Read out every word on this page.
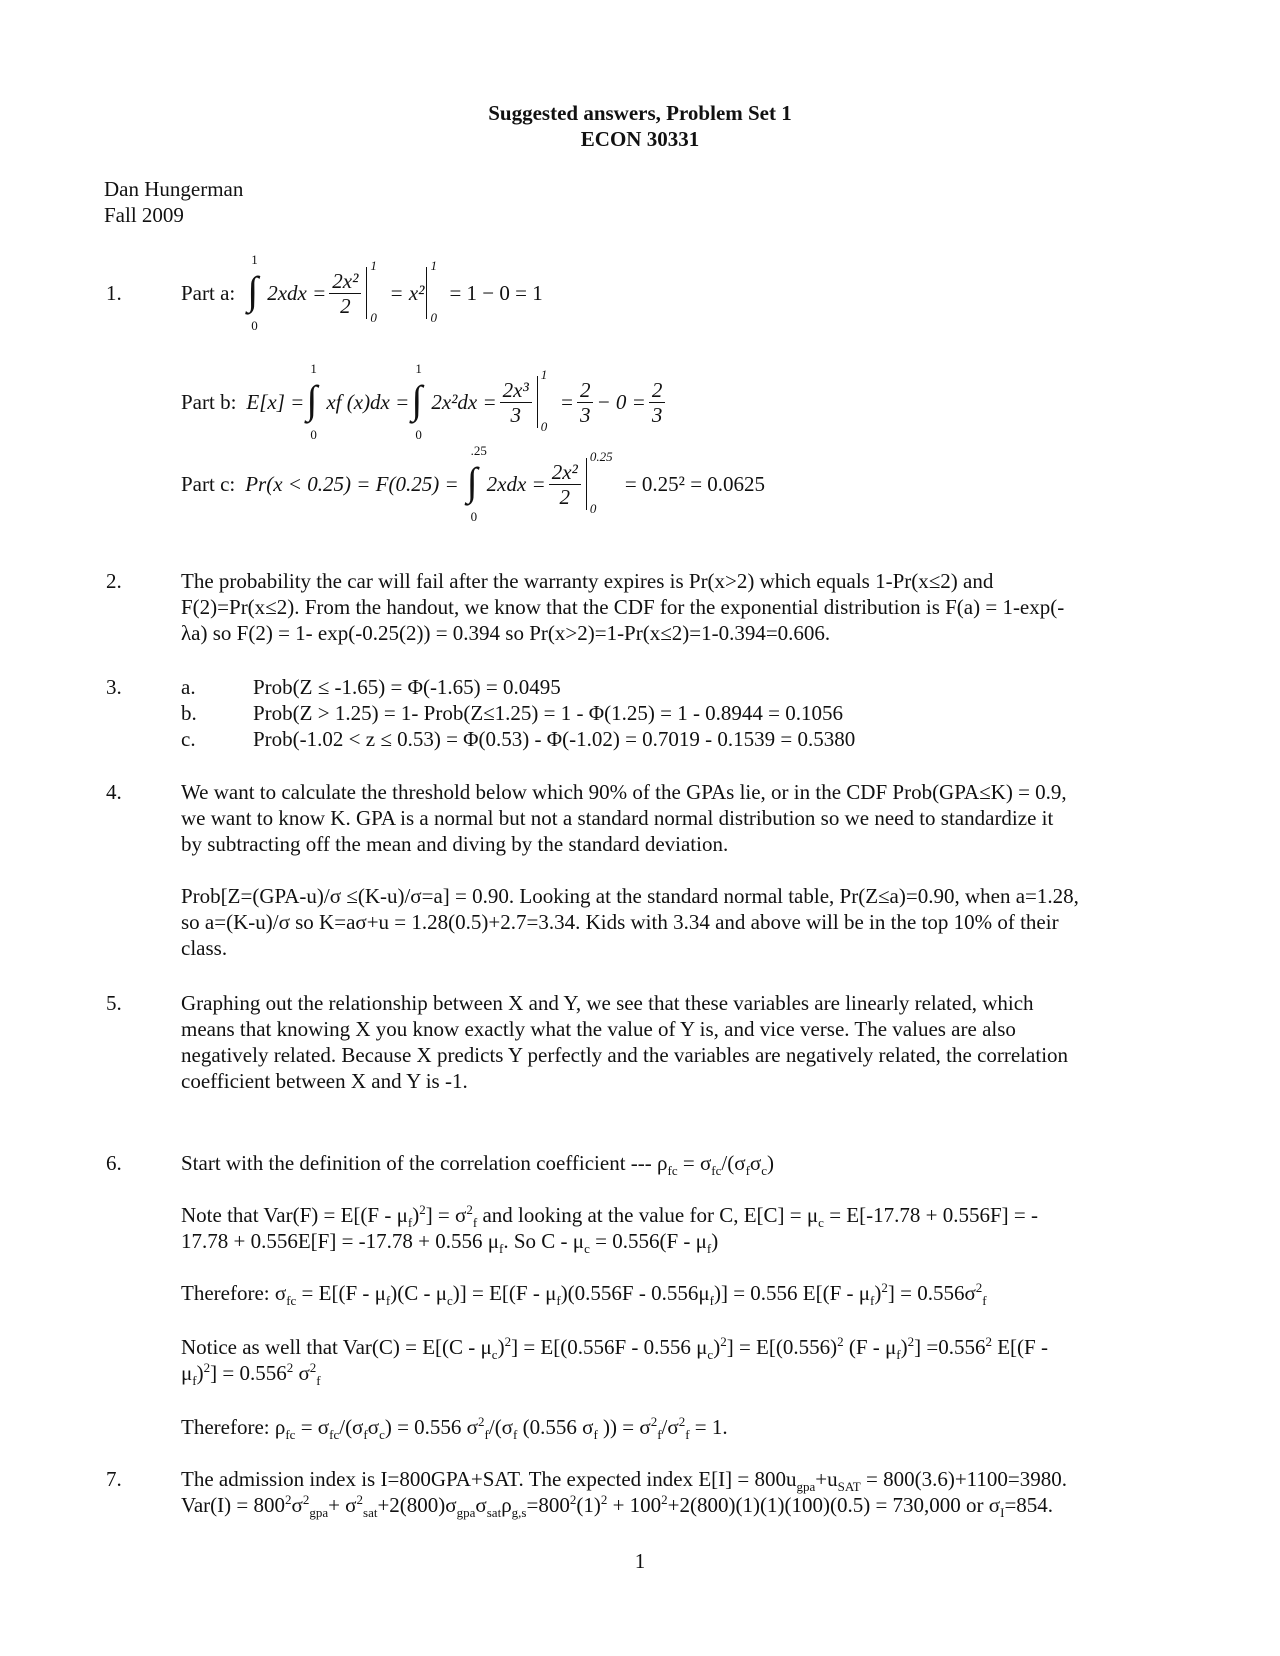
Suggested answers, Problem Set 1
ECON 30331
Dan Hungerman
Fall 2009
1.	Part a: ∫
1
0
$2xdx = \frac{\text{2x²}}{2}$
1
0
= x²
1
0
= 1 − 0 = 1
Part b: E[x] = ∫
1
0
xf (x)dx = ∫
1
0
$2x^2dx = \frac{\text{2x³}}{3}$
1
0
= $\frac{2}{3} - 0 = \frac{2}{3}$
Part c: Pr(x < 0.25) = F(0.25) = ∫
.25
0
$2xdx = \frac{\text{2x²}}{2}$
0.25
0
= 0.25² = 0.0625
2.	The probability the car will fail after the warranty expires is Pr(x>2) which equals 1-Pr(x≤2) and
F(2)=Pr(x≤2). From the handout, we know that the CDF for the exponential distribution is F(a) = 1-exp(-
λa) so F(2) = 1- exp(-0.25(2)) = 0.394 so Pr(x>2)=1-Pr(x≤2)=1-0.394=0.606.
3.	a.	Prob(Z ≤ -1.65) = Φ(-1.65) = 0.0495
b.	Prob(Z > 1.25) = 1- Prob(Z≤1.25) = 1 - Φ(1.25) = 1 - 0.8944 = 0.1056
c.	Prob(-1.02 < z ≤ 0.53) = Φ(0.53) - Φ(-1.02) = 0.7019 - 0.1539 = 0.5380
4.	We want to calculate the threshold below which 90% of the GPAs lie, or in the CDF Prob(GPA≤K) = 0.9,
we want to know K. GPA is a normal but not a standard normal distribution so we need to standardize it
by subtracting off the mean and diving by the standard deviation.
Prob[Z=(GPA-u)/σ ≤(K-u)/σ=a] = 0.90. Looking at the standard normal table, Pr(Z≤a)=0.90, when a=1.28,
so a=(K-u)/σ so K=aσ+u = 1.28(0.5)+2.7=3.34. Kids with 3.34 and above will be in the top 10% of their
class.
5.	Graphing out the relationship between X and Y, we see that these variables are linearly related, which
means that knowing X you know exactly what the value of Y is, and vice verse. The values are also
negatively related. Because X predicts Y perfectly and the variables are negatively related, the correlation
coefficient between X and Y is -1.
6.	Start with the definition of the correlation coefficient --- $\rho_{fc} = \sigma_{fc}/(\sigma_f\sigma_c)$
Note that $Var(F) = E[(F - \mu_f)^2] = \sigma^2_f$ and looking at the value for C, $E[C] = \mu_c = E[-17.78 + 0.556F]$ = -
17.78 + 0.556E[F] = -17.78 + 0.556 $\mu_f$. So $C - \mu_c = 0.556(F - \mu_f)$
Therefore: $\sigma_{fc} = E[(F - \mu_f)(C - \mu_c)] = E[(F - \mu_f)(0.556F - 0.556\mu_f)] = 0.556$ $E[(F - \mu_f)^2] = 0.556\sigma^2_f$
Notice as well that $Var(C) = E[(C - \mu_c)^2] = E[(0.556F - 0.556$ $\mu_c)^2] = E[(0.556)^2$ $(F - \mu_f)^2] =0.556^2$ E[(F -
$\mu_f)^2] = 0.556^2$ $\sigma^2_f$
Therefore: $\rho_{fc} = \sigma_{fc}/(\sigma_f\sigma_c) = 0.556$ $\sigma^2_f/(\sigma_f$ (0.556 $\sigma_f$ )) = $\sigma^2_f/\sigma^2_f = 1$.
7.	The admission index is I=800GPA+SAT. The expected index $E[I] = 800u_{gpa}+u_{SAT} = 800(3.6)+1100=3980$.
$Var(I) = 800^2\sigma^2_{gpa}+ \sigma^2_{sat}+2(800)\sigma_{gpa}\sigma_{sat}\rho_{g,s}=800^2(1)^2 + 100^2+2(800)(1)(1)(100)(0.5) = 730,000$ or $\sigma_I=854$.
1
